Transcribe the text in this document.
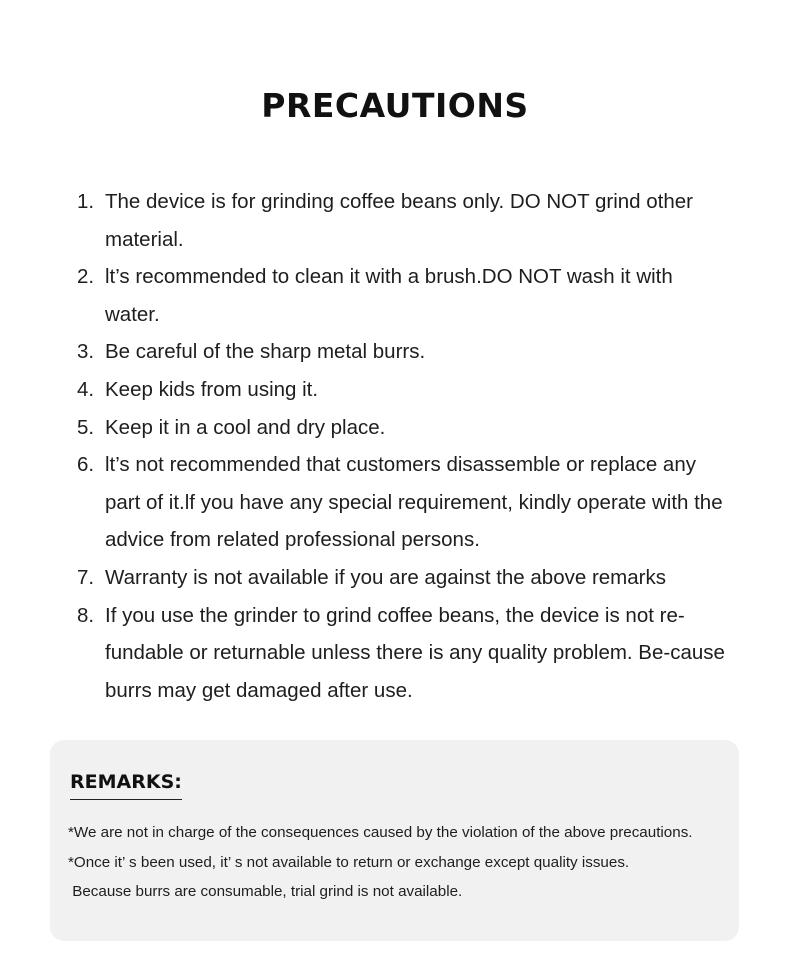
PRECAUTIONS
1. The device is for grinding coffee beans only. DO NOT grind other material.
2. lt’s recommended to clean it with a brush.DO NOT wash it with water.
3. Be careful of the sharp metal burrs.
4. Keep kids from using it.
5. Keep it in a cool and dry place.
6. lt’s not recommended that customers disassemble or replace any part of it.lf you have any special requirement, kindly operate with the advice from related professional persons.
7. Warranty is not available if you are against the above remarks
8. If you use the grinder to grind coffee beans, the device is not re-fundable or returnable unless there is any quality problem. Be-cause burrs may get damaged after use.
REMARKS:
*We are not in charge of the consequences caused by the violation of the above precautions.
*Once it’ s been used, it’ s not available to return or exchange except quality issues.
Because burrs are consumable, trial grind is not available.
